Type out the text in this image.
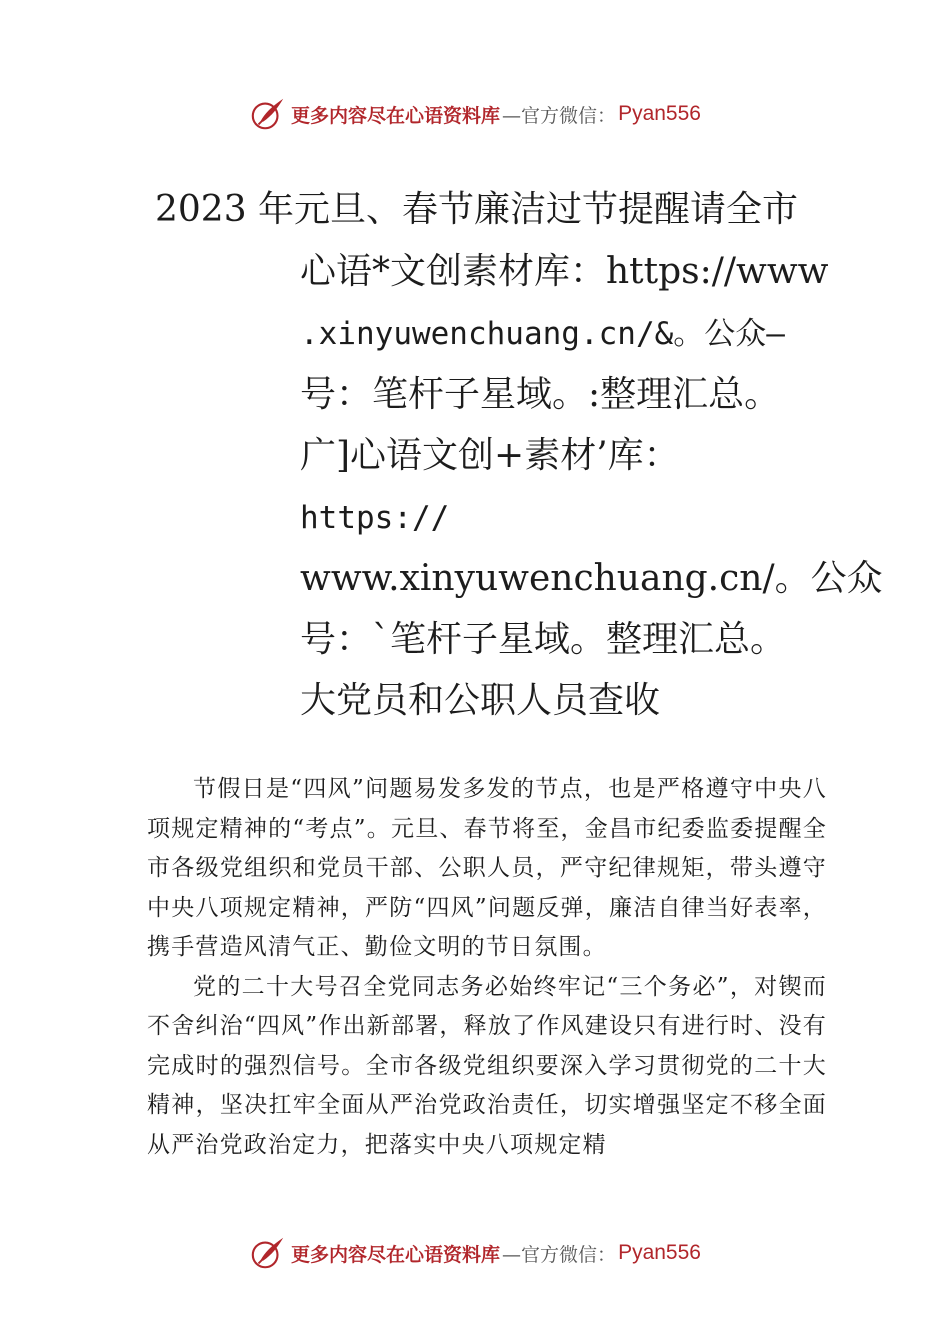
更多内容尽在心语资料库 —官方微信： Pyan556
2023 年元旦、春节廉洁过节提醒请全市
心语*文创素材库：https://www
.xinyuwenchuang.cn/&。公众—
号：笔杆子星域。:整理汇总。
广]心语文创+素材’库：
https://
www.xinyuwenchuang.cn/。公众
号：`笔杆子星域。整理汇总。
大党员和公职人员查收

节假日是“四风”问题易发多发的节点，也是严格遵守中央八项规定精神的“考点”。元旦、春节将至，金昌市纪委监委提醒全市各级党组织和党员干部、公职人员，严守纪律规矩，带头遵守中央八项规定精神，严防“四风”问题反弹，廉洁自律当好表率，携手营造风清气正、勤俭文明的节日氛围。

党的二十大号召全党同志务必始终牢记“三个务必”，对锲而不舍纠治“四风”作出新部署，释放了作风建设只有进行时、没有完成时的强烈信号。全市各级党组织要深入学习贯彻党的二十大精神，坚决扛牢全面从严治党政治责任，切实增强坚定不移全面从严治党政治定力，把落实中央八项规定精

更多内容尽在心语资料库 —官方微信： Pyan556
